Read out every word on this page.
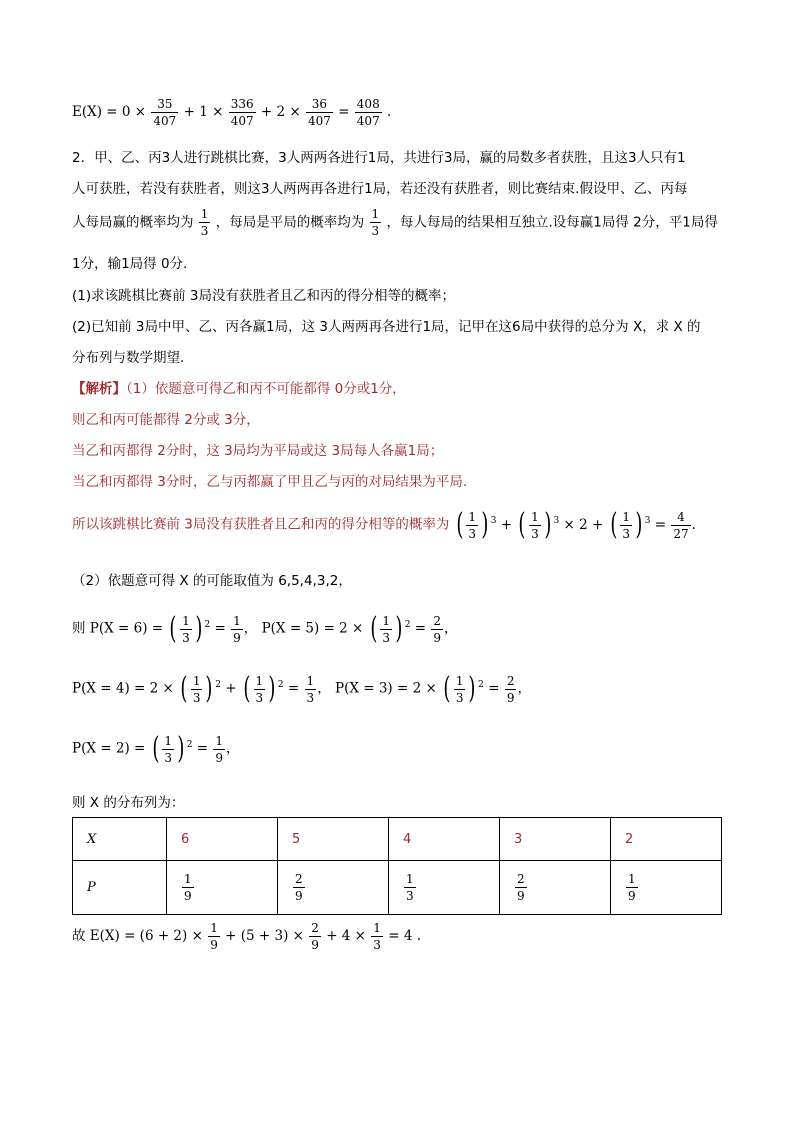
$E(X) = 0 \times \frac{35}{407} + 1 \times \frac{336}{407} + 2 \times \frac{36}{407} = \frac{408}{407}$ .
2．甲、乙、丙3人进行跳棋比赛，3人两两各进行1局，共进行3局，赢的局数多者获胜，且这3人只有1
人可获胜，若没有获胜者，则这3人两两再各进行1局，若还没有获胜者，则比赛结束.假设甲、乙、丙每
人每局赢的概率均为 $\frac{1}{3}$ ，每局是平局的概率均为 $\frac{1}{3}$ ，每人每局的结果相互独立.设每赢1局得 2分，平1局得
1分，输1局得 0分.
(1)求该跳棋比赛前 3局没有获胜者且乙和丙的得分相等的概率；
(2)已知前 3局中甲、乙、丙各赢1局，这 3人两两再各进行1局，记甲在这6局中获得的总分为 X，求 X 的
分布列与数学期望.
【解析】（1）依题意可得乙和丙不可能都得 0分或1分，
则乙和丙可能都得 2分或 3分，
当乙和丙都得 2分时，这 3局均为平局或这 3局每人各赢1局；
当乙和丙都得 3分时，乙与丙都赢了甲且乙与丙的对局结果为平局.
所以该跳棋比赛前 3局没有获胜者且乙和丙的得分相等的概率为 ( $\frac{1}{3}$ ) $^3$ + ( $\frac{1}{3}$ ) $^3$ × 2 + ( $\frac{1}{3}$ ) $^3 = \frac{4}{27}$ .
（2）依题意可得 X 的可能取值为 6,5,4,3,2，
则 P(X = 6) = ( $\frac{1}{3}$ ) $^2 = \frac{1}{9}$ ， P(X = 5) = 2 × ( $\frac{1}{3}$ ) $^2 = \frac{2}{9}$ ，
P(X = 4) = 2 × ( $\frac{1}{3}$ ) $^2$ + ( $\frac{1}{3}$ ) $^2 = \frac{1}{3}$ ， P(X = 3) = 2 × ( $\frac{1}{3}$ ) $^2 = \frac{2}{9}$ ，
P(X = 2) = ( $\frac{1}{3}$ ) $^2 = \frac{1}{9}$ ，
则 X 的分布列为：
X	6	5	4	3	2
P	$\frac{1}{9}$	$\frac{2}{9}$	$\frac{1}{3}$	$\frac{2}{9}$	$\frac{1}{9}$
故 $E(X) = (6 + 2) \times \frac{1}{9} + (5 + 3) \times \frac{2}{9} + 4 \times \frac{1}{3} = 4$ .
